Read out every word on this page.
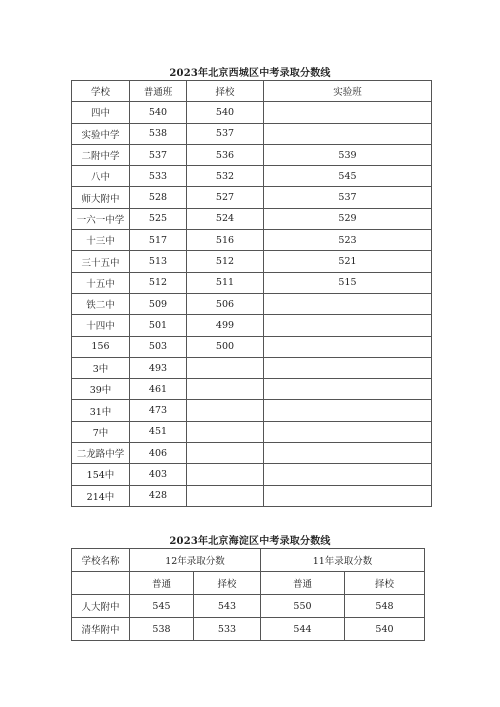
2023年北京西城区中考录取分数线
学校	普通班	择校	实验班
四中	540	540	
实验中学	538	537	
二附中学	537	536	539
八中	533	532	545
师大附中	528	527	537
一六一中学	525	524	529
十三中	517	516	523
三十五中	513	512	521
十五中	512	511	515
铁二中	509	506	
十四中	501	499	
156	503	500	
3中	493		
39中	461		
31中	473		
7中	451		
二龙路中学	406		
154中	403		
214中	428		
2023年北京海淀区中考录取分数线
学校名称	12年录取分数		11年录取分数	
	普通	择校	普通	择校
人大附中	545	543	550	548
清华附中	538	533	544	540
